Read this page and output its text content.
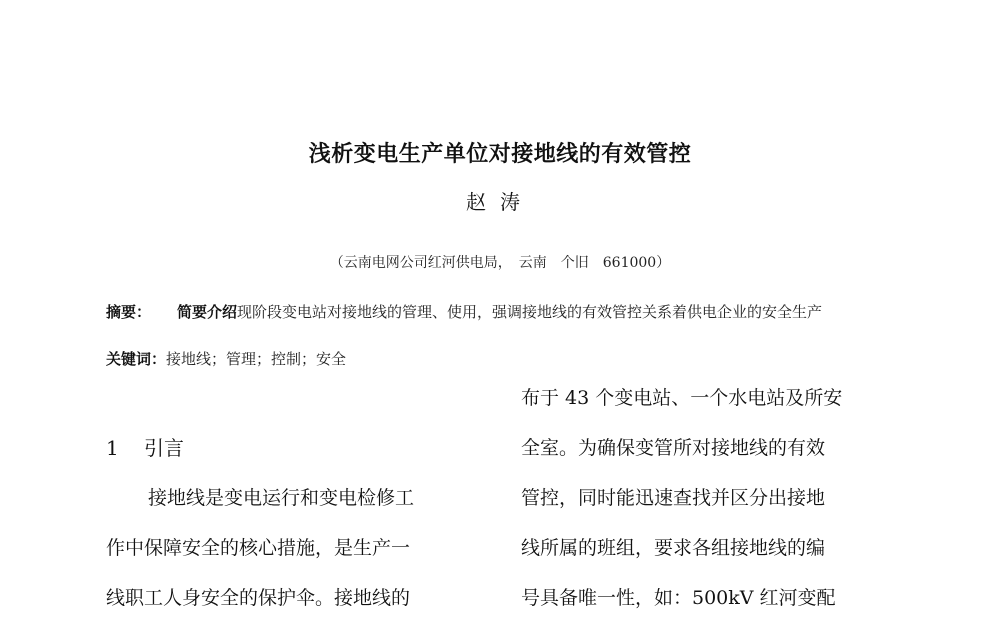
浅析变电生产单位对接地线的有效管控
赵涛
（云南电网公司红河供电局，　云南　个旧　661000）
摘要： 简要介绍现阶段变电站对接地线的管理、使用，强调接地线的有效管控关系着供电企业的安全生产
关键词：接地线；管理；控制；安全
1 引言
接地线是变电运行和变电检修工
作中保障安全的核心措施，是生产一
线职工人身安全的保护伞。接地线的
布于 43 个变电站、一个水电站及所安
全室。为确保变管所对接地线的有效
管控，同时能迅速查找并区分出接地
线所属的班组，要求各组接地线的编
号具备唯一性，如：500kV 红河变配
